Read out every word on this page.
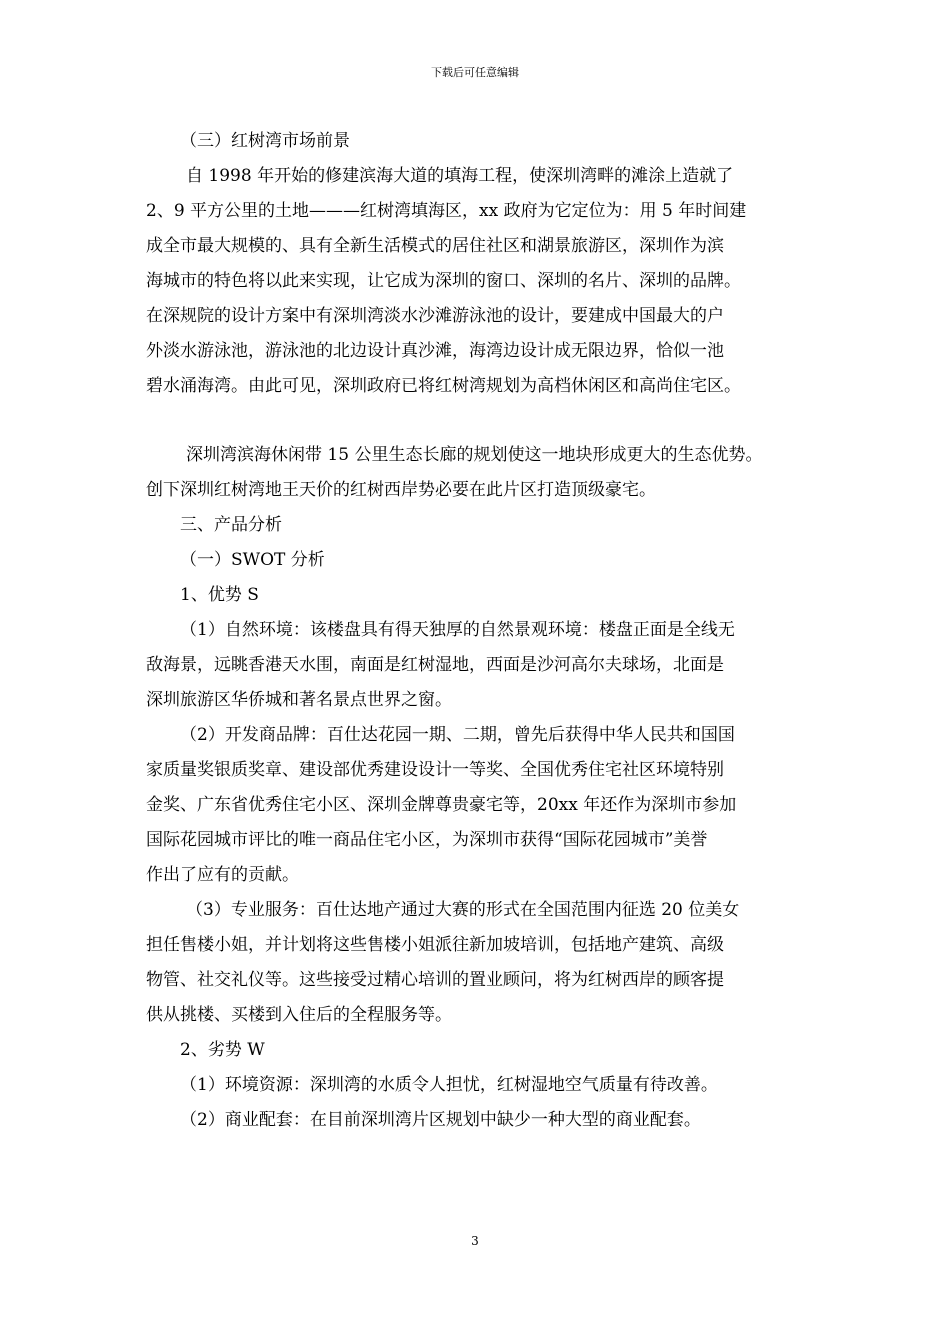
下载后可任意编辑

（三）红树湾市场前景

自 1998 年开始的修建滨海大道的填海工程，使深圳湾畔的滩涂上造就了

2、9 平方公里的土地———红树湾填海区，xx 政府为它定位为：用 5 年时间建

成全市最大规模的、具有全新生活模式的居住社区和湖景旅游区，深圳作为滨

海城市的特色将以此来实现，让它成为深圳的窗口、深圳的名片、深圳的品牌。

在深规院的设计方案中有深圳湾淡水沙滩游泳池的设计，要建成中国最大的户

外淡水游泳池，游泳池的北边设计真沙滩，海湾边设计成无限边界，恰似一池

碧水涌海湾。由此可见，深圳政府已将红树湾规划为高档休闲区和高尚住宅区。

深圳湾滨海休闲带 15 公里生态长廊的规划使这一地块形成更大的生态优势。

创下深圳红树湾地王天价的红树西岸势必要在此片区打造顶级豪宅。

三、产品分析

（一）SWOT 分析

1、优势 S

（1）自然环境：该楼盘具有得天独厚的自然景观环境：楼盘正面是全线无

敌海景，远眺香港天水围，南面是红树湿地，西面是沙河高尔夫球场，北面是

深圳旅游区华侨城和著名景点世界之窗。

（2）开发商品牌：百仕达花园一期、二期，曾先后获得中华人民共和国国

家质量奖银质奖章、建设部优秀建设设计一等奖、全国优秀住宅社区环境特别

金奖、广东省优秀住宅小区、深圳金牌尊贵豪宅等，20xx 年还作为深圳市参加

国际花园城市评比的唯一商品住宅小区，为深圳市获得“国际花园城市”美誉

作出了应有的贡献。

（3）专业服务：百仕达地产通过大赛的形式在全国范围内征选 20 位美女

担任售楼小姐，并计划将这些售楼小姐派往新加坡培训，包括地产建筑、高级

物管、社交礼仪等。这些接受过精心培训的置业顾问，将为红树西岸的顾客提

供从挑楼、买楼到入住后的全程服务等。

2、劣势 W

（1）环境资源：深圳湾的水质令人担忧，红树湿地空气质量有待改善。

（2）商业配套：在目前深圳湾片区规划中缺少一种大型的商业配套。

3
